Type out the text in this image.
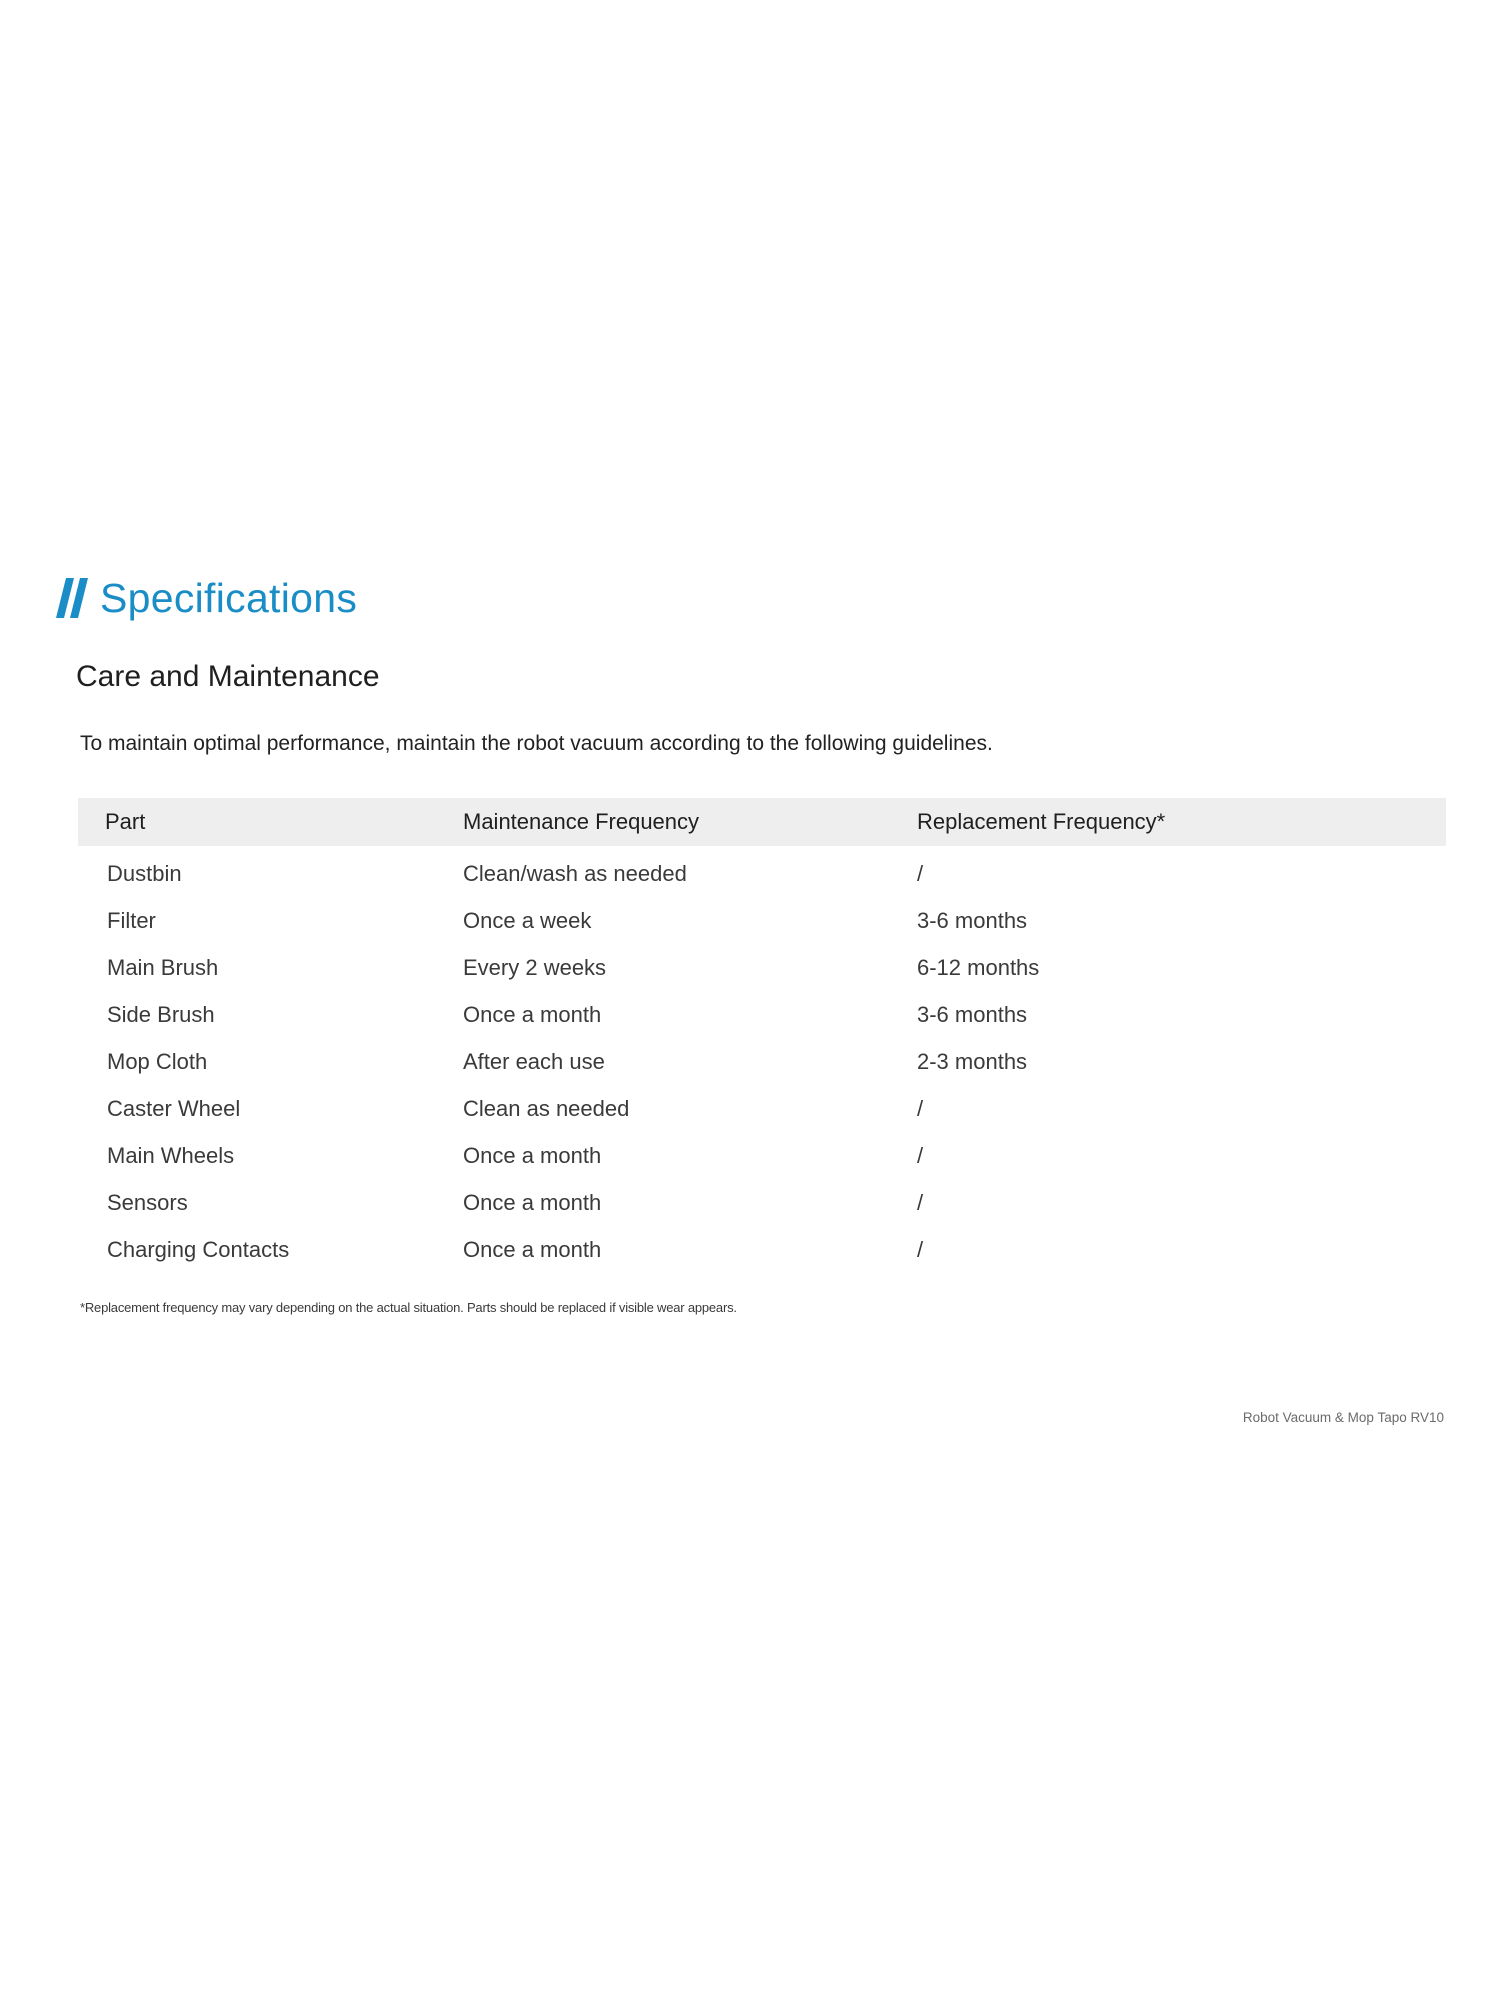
Specifications
Care and Maintenance
To maintain optimal performance, maintain the robot vacuum according to the following guidelines.
Part	Maintenance Frequency	Replacement Frequency*
Dustbin	Clean/wash as needed	/
Filter	Once a week	3-6 months
Main Brush	Every 2 weeks	6-12 months
Side Brush	Once a month	3-6 months
Mop Cloth	After each use	2-3 months
Caster Wheel	Clean as needed	/
Main Wheels	Once a month	/
Sensors	Once a month	/
Charging Contacts	Once a month	/
*Replacement frequency may vary depending on the actual situation. Parts should be replaced if visible wear appears.
Robot Vacuum & Mop Tapo RV10
